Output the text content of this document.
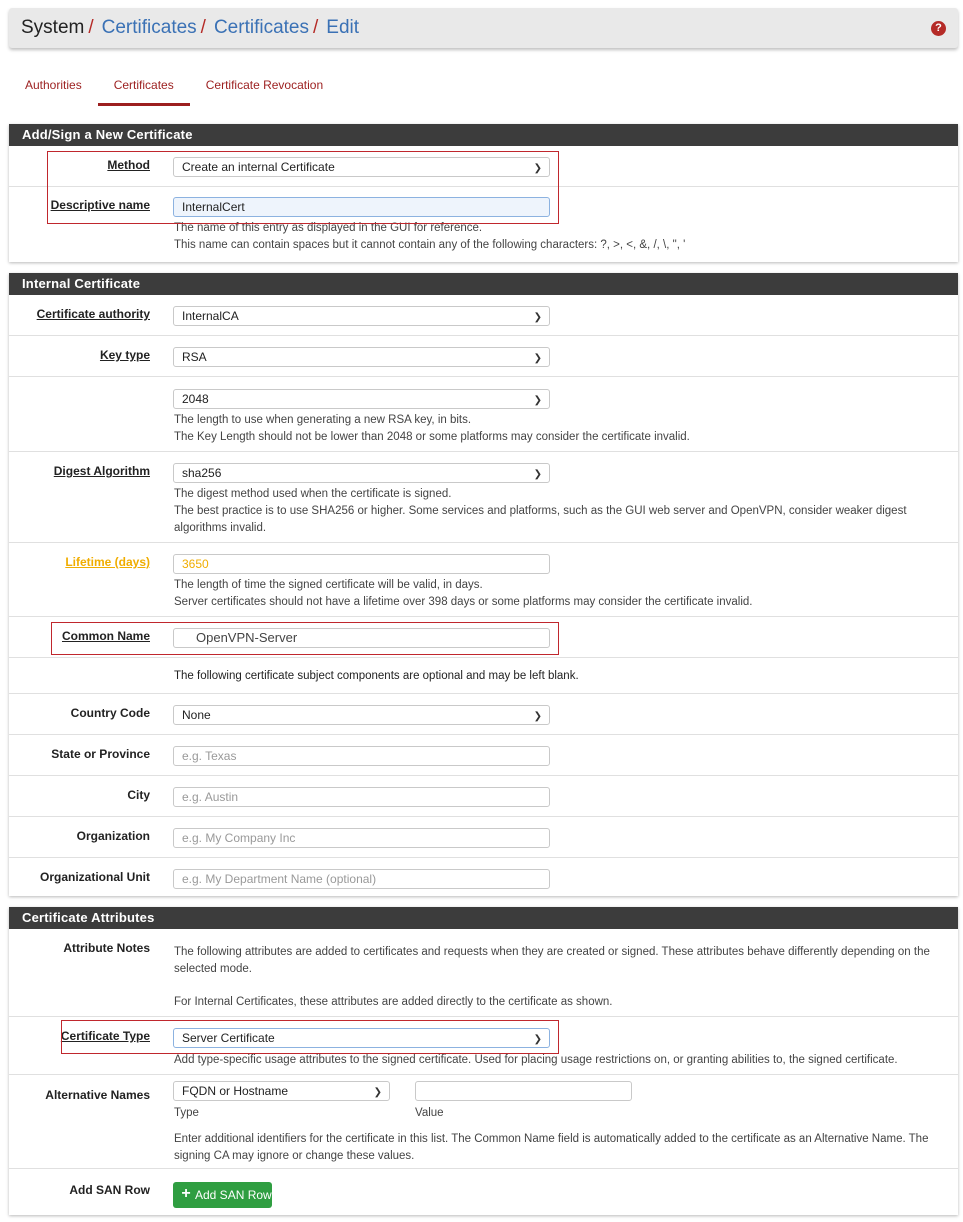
System / Certificates / Certificates / Edit	?
Authorities	Certificates	Certificate Revocation
Add/Sign a New Certificate
Method	Create an internal Certificate	❯
Descriptive name	InternalCert
The name of this entry as displayed in the GUI for reference.
This name can contain spaces but it cannot contain any of the following characters: ?, >, <, &, /, \, ", '
Internal Certificate
Certificate authority	InternalCA	❯
Key type	RSA	❯
2048	❯
The length to use when generating a new RSA key, in bits.
The Key Length should not be lower than 2048 or some platforms may consider the certificate invalid.
Digest Algorithm	sha256	❯
The digest method used when the certificate is signed.
The best practice is to use SHA256 or higher. Some services and platforms, such as the GUI web server and OpenVPN, consider weaker digest algorithms invalid.
Lifetime (days)	3650
The length of time the signed certificate will be valid, in days.
Server certificates should not have a lifetime over 398 days or some platforms may consider the certificate invalid.
Common Name	OpenVPN-Server
The following certificate subject components are optional and may be left blank.
Country Code	None	❯
State or Province	e.g. Texas
City	e.g. Austin
Organization	e.g. My Company Inc
Organizational Unit	e.g. My Department Name (optional)
Certificate Attributes
Attribute Notes The following attributes are added to certificates and requests when they are created or signed. These attributes behave differently depending on the selected mode.
For Internal Certificates, these attributes are added directly to the certificate as shown.
Certificate Type	Server Certificate	❯
Add type-specific usage attributes to the signed certificate. Used for placing usage restrictions on, or granting abilities to, the signed certificate.
Alternative Names	FQDN or Hostname	❯
Type	Value
Enter additional identifiers for the certificate in this list. The Common Name field is automatically added to the certificate as an Alternative Name. The signing CA may ignore or change these values.
Add SAN Row + Add SAN Row
